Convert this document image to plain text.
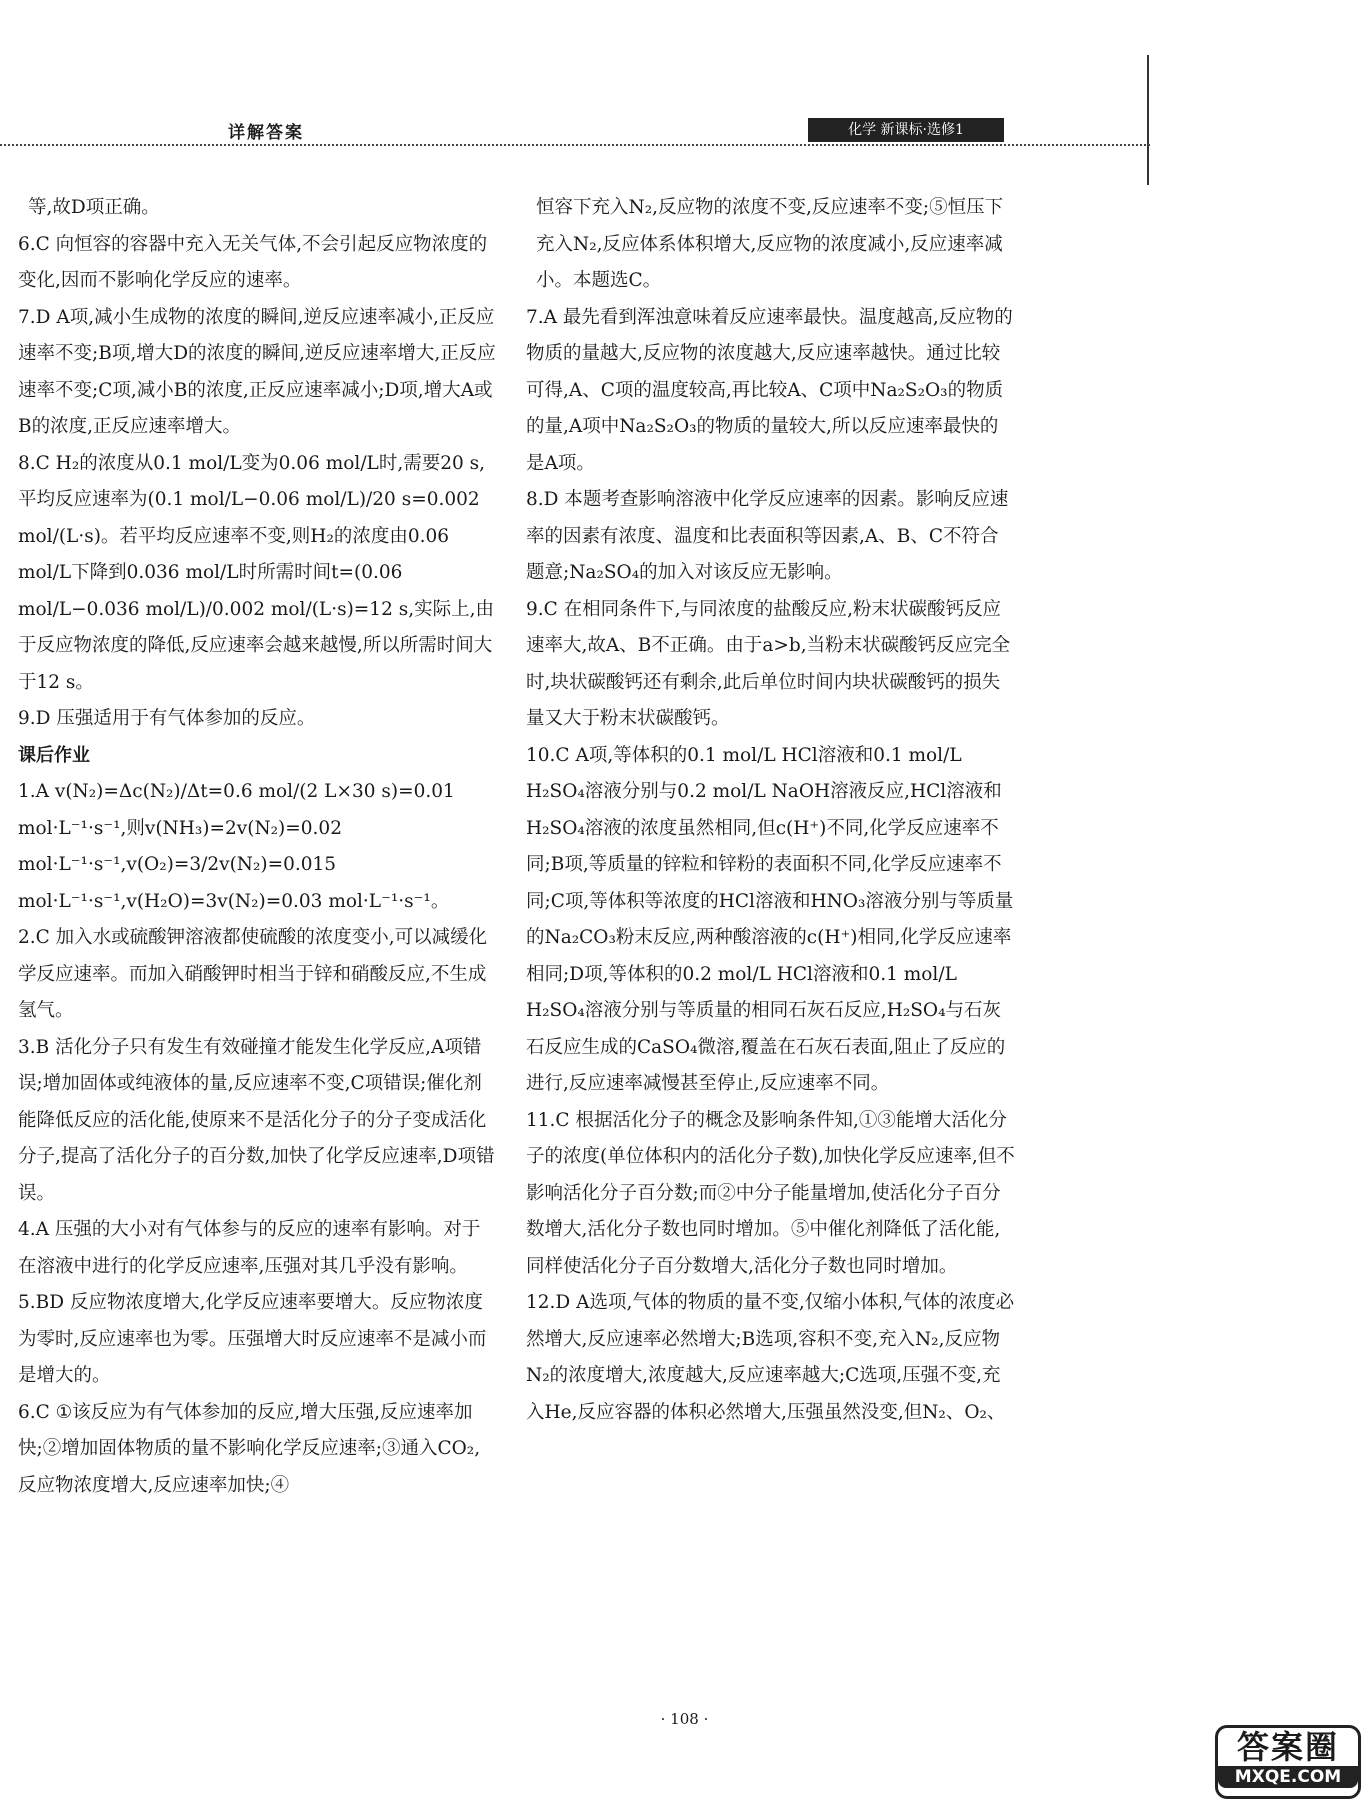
详解答案	化学 新课标·选修1

等,故D项正确。

6.C 向恒容的容器中充入无关气体,不会引起反应物浓度的变化,因而不影响化学反应的速率。

7.D A项,减小生成物的浓度的瞬间,逆反应速率减小,正反应速率不变;B项,增大D的浓度的瞬间,逆反应速率增大,正反应速率不变;C项,减小B的浓度,正反应速率减小;D项,增大A或B的浓度,正反应速率增大。

8.C H₂的浓度从0.1 mol/L变为0.06 mol/L时,需要20 s,平均反应速率为(0.1 mol/L−0.06 mol/L)/20 s=0.002 mol/(L·s)。若平均反应速率不变,则H₂的浓度由0.06 mol/L下降到0.036 mol/L时所需时间t=(0.06 mol/L−0.036 mol/L)/0.002 mol/(L·s)=12 s,实际上,由于反应物浓度的降低,反应速率会越来越慢,所以所需时间大于12 s。

9.D 压强适用于有气体参加的反应。

课后作业

1.A v(N₂)=Δc(N₂)/Δt=0.6 mol/(2 L×30 s)=0.01 mol·L⁻¹·s⁻¹,则v(NH₃)=2v(N₂)=0.02 mol·L⁻¹·s⁻¹,v(O₂)=3/2v(N₂)=0.015 mol·L⁻¹·s⁻¹,v(H₂O)=3v(N₂)=0.03 mol·L⁻¹·s⁻¹。

2.C 加入水或硫酸钾溶液都使硫酸的浓度变小,可以减缓化学反应速率。而加入硝酸钾时相当于锌和硝酸反应,不生成氢气。

3.B 活化分子只有发生有效碰撞才能发生化学反应,A项错误;增加固体或纯液体的量,反应速率不变,C项错误;催化剂能降低反应的活化能,使原来不是活化分子的分子变成活化分子,提高了活化分子的百分数,加快了化学反应速率,D项错误。

4.A 压强的大小对有气体参与的反应的速率有影响。对于在溶液中进行的化学反应速率,压强对其几乎没有影响。

5.BD 反应物浓度增大,化学反应速率要增大。反应物浓度为零时,反应速率也为零。压强增大时反应速率不是减小而是增大的。

6.C ①该反应为有气体参加的反应,增大压强,反应速率加快;②增加固体物质的量不影响化学反应速率;③通入CO₂,反应物浓度增大,反应速率加快;④

恒容下充入N₂,反应物的浓度不变,反应速率不变;⑤恒压下充入N₂,反应体系体积增大,反应物的浓度减小,反应速率减小。本题选C。

7.A 最先看到浑浊意味着反应速率最快。温度越高,反应物的物质的量越大,反应物的浓度越大,反应速率越快。通过比较可得,A、C项的温度较高,再比较A、C项中Na₂S₂O₃的物质的量,A项中Na₂S₂O₃的物质的量较大,所以反应速率最快的是A项。

8.D 本题考查影响溶液中化学反应速率的因素。影响反应速率的因素有浓度、温度和比表面积等因素,A、B、C不符合题意;Na₂SO₄的加入对该反应无影响。

9.C 在相同条件下,与同浓度的盐酸反应,粉末状碳酸钙反应速率大,故A、B不正确。由于a>b,当粉末状碳酸钙反应完全时,块状碳酸钙还有剩余,此后单位时间内块状碳酸钙的损失量又大于粉末状碳酸钙。

10.C A项,等体积的0.1 mol/L HCl溶液和0.1 mol/L H₂SO₄溶液分别与0.2 mol/L NaOH溶液反应,HCl溶液和H₂SO₄溶液的浓度虽然相同,但c(H⁺)不同,化学反应速率不同;B项,等质量的锌粒和锌粉的表面积不同,化学反应速率不同;C项,等体积等浓度的HCl溶液和HNO₃溶液分别与等质量的Na₂CO₃粉末反应,两种酸溶液的c(H⁺)相同,化学反应速率相同;D项,等体积的0.2 mol/L HCl溶液和0.1 mol/L H₂SO₄溶液分别与等质量的相同石灰石反应,H₂SO₄与石灰石反应生成的CaSO₄微溶,覆盖在石灰石表面,阻止了反应的进行,反应速率减慢甚至停止,反应速率不同。

11.C 根据活化分子的概念及影响条件知,①③能增大活化分子的浓度(单位体积内的活化分子数),加快化学反应速率,但不影响活化分子百分数;而②中分子能量增加,使活化分子百分数增大,活化分子数也同时增加。⑤中催化剂降低了活化能,同样使活化分子百分数增大,活化分子数也同时增加。

12.D A选项,气体的物质的量不变,仅缩小体积,气体的浓度必然增大,反应速率必然增大;B选项,容积不变,充入N₂,反应物N₂的浓度增大,浓度越大,反应速率越大;C选项,压强不变,充入He,反应容器的体积必然增大,压强虽然没变,但N₂、O₂、

· 108 ·
答案圈
MXQE.COM
